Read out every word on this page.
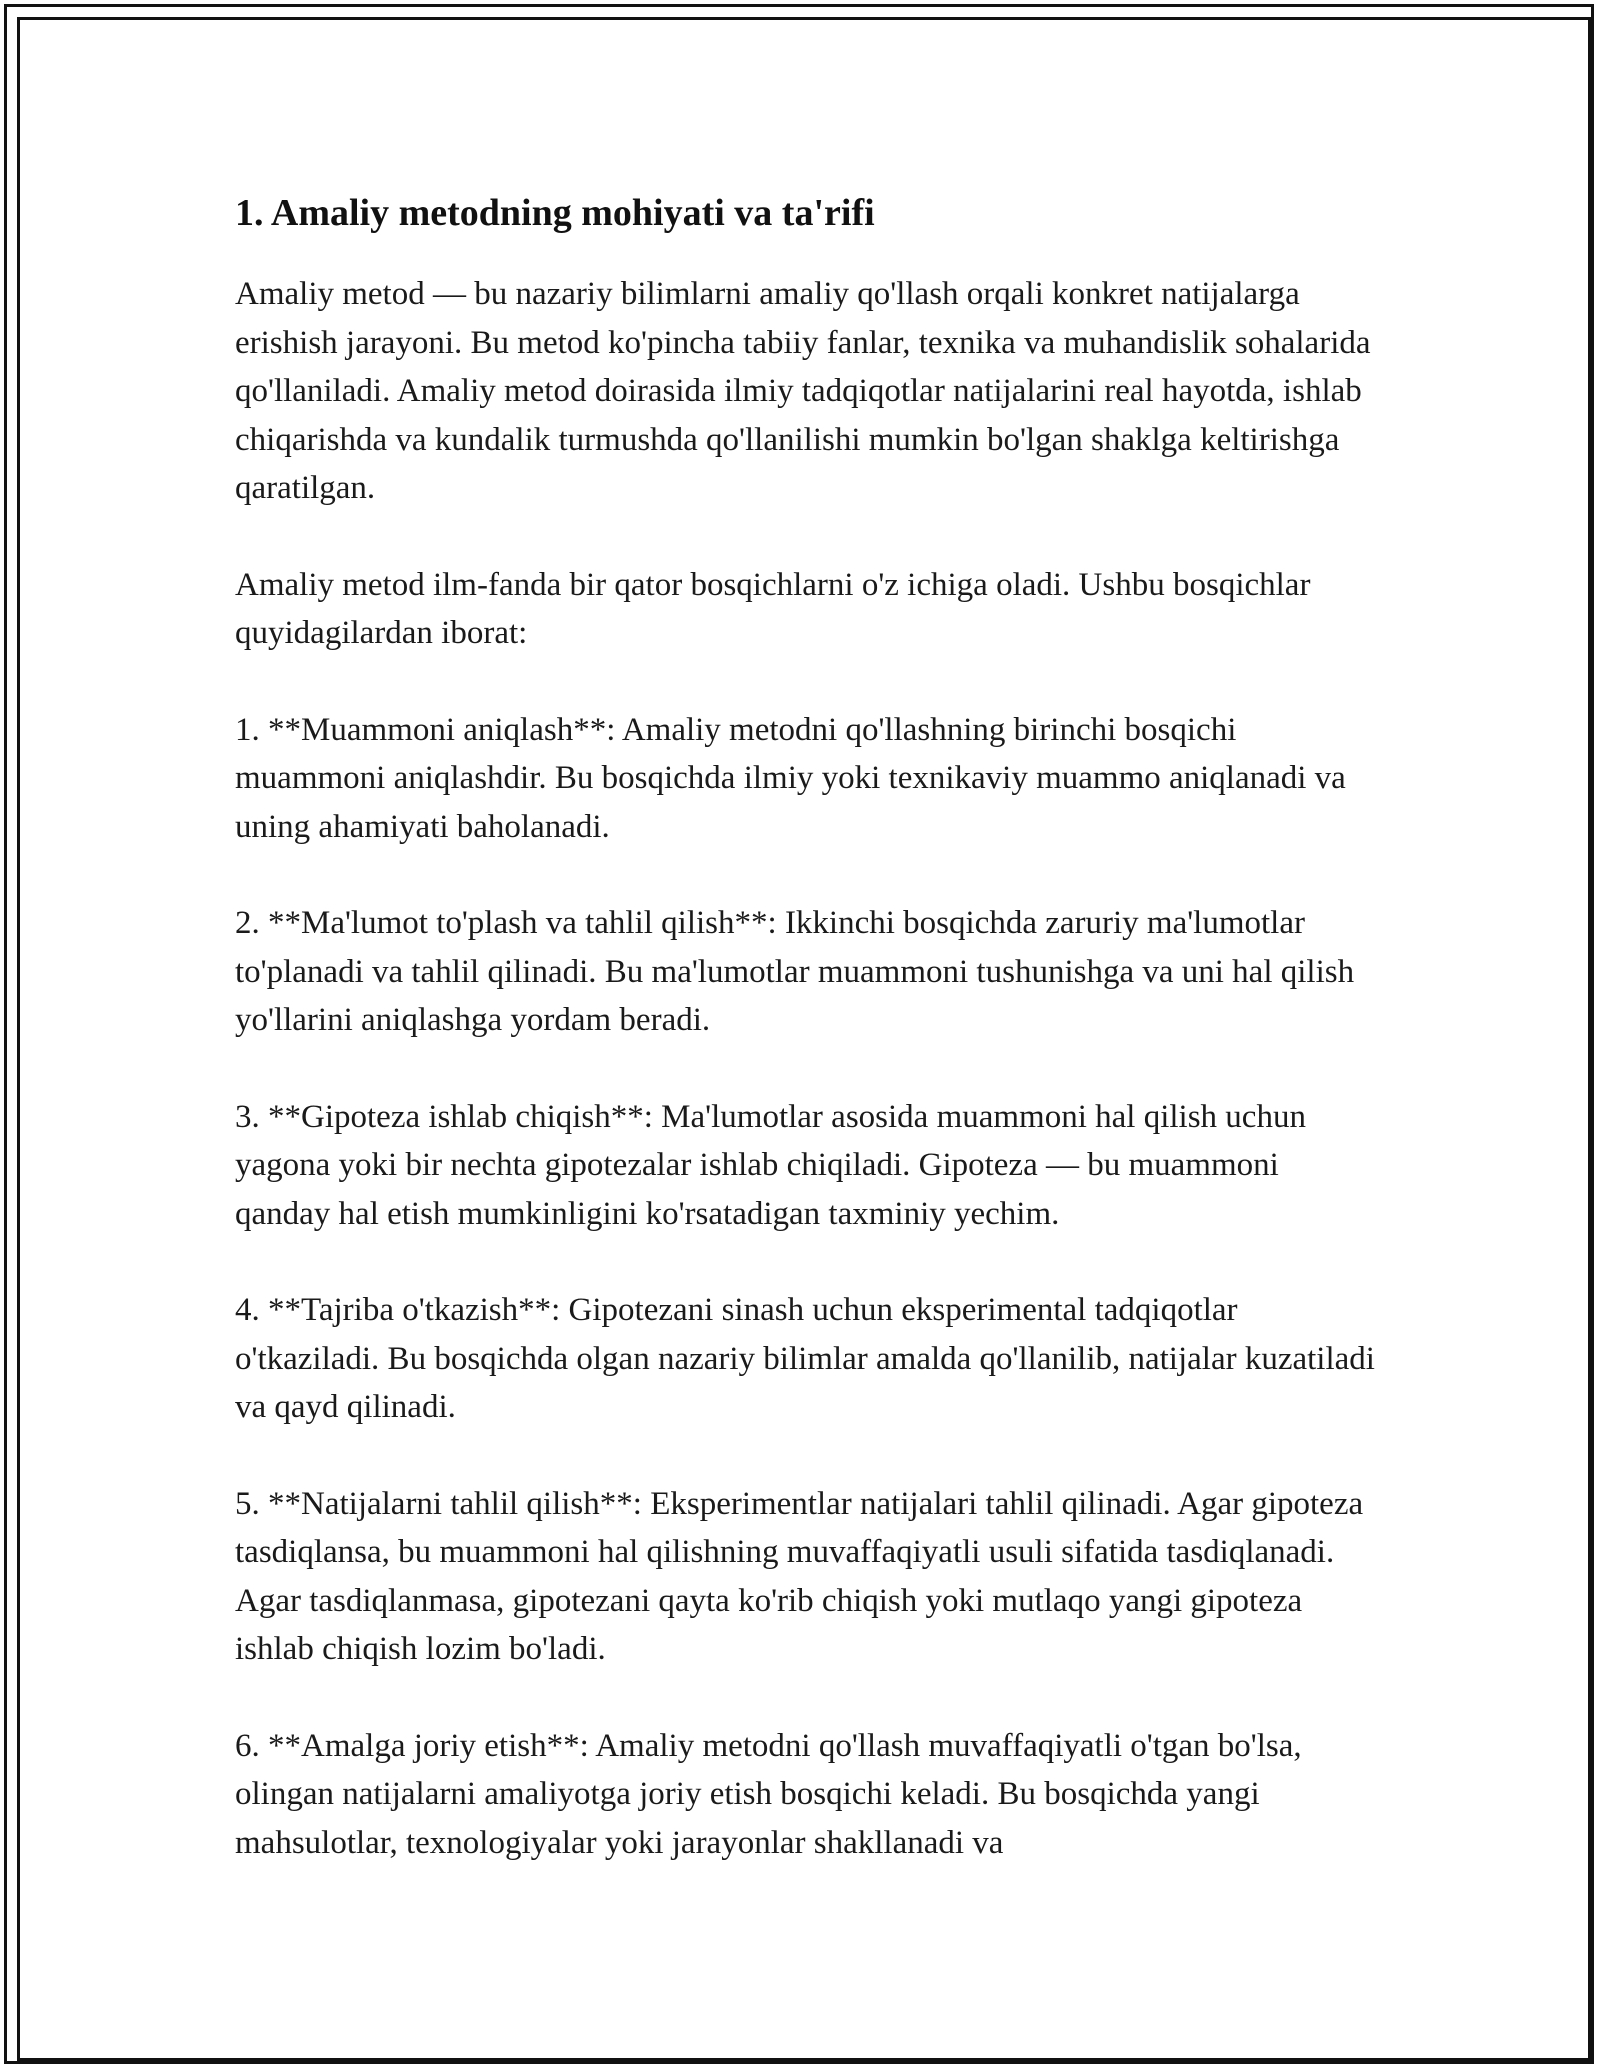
1. Amaliy metodning mohiyati va ta'rifi

Amaliy metod — bu nazariy bilimlarni amaliy qo'llash orqali konkret natijalarga erishish jarayoni. Bu metod ko'pincha tabiiy fanlar, texnika va muhandislik sohalarida qo'llaniladi. Amaliy metod doirasida ilmiy tadqiqotlar natijalarini real hayotda, ishlab chiqarishda va kundalik turmushda qo'llanilishi mumkin bo'lgan shaklga keltirishga qaratilgan.

Amaliy metod ilm-fanda bir qator bosqichlarni o'z ichiga oladi. Ushbu bosqichlar quyidagilardan iborat:

1. **Muammoni aniqlash**: Amaliy metodni qo'llashning birinchi bosqichi muammoni aniqlashdir. Bu bosqichda ilmiy yoki texnikaviy muammo aniqlanadi va uning ahamiyati baholanadi.

2. **Ma'lumot to'plash va tahlil qilish**: Ikkinchi bosqichda zaruriy ma'lumotlar to'planadi va tahlil qilinadi. Bu ma'lumotlar muammoni tushunishga va uni hal qilish yo'llarini aniqlashga yordam beradi.

3. **Gipoteza ishlab chiqish**: Ma'lumotlar asosida muammoni hal qilish uchun yagona yoki bir nechta gipotezalar ishlab chiqiladi. Gipoteza — bu muammoni qanday hal etish mumkinligini ko'rsatadigan taxminiy yechim.

4. **Tajriba o'tkazish**: Gipotezani sinash uchun eksperimental tadqiqotlar o'tkaziladi. Bu bosqichda olgan nazariy bilimlar amalda qo'llanilib, natijalar kuzatiladi va qayd qilinadi.

5. **Natijalarni tahlil qilish**: Eksperimentlar natijalari tahlil qilinadi. Agar gipoteza tasdiqlansa, bu muammoni hal qilishning muvaffaqiyatli usuli sifatida tasdiqlanadi. Agar tasdiqlanmasa, gipotezani qayta ko'rib chiqish yoki mutlaqo yangi gipoteza ishlab chiqish lozim bo'ladi.

6. **Amalga joriy etish**: Amaliy metodni qo'llash muvaffaqiyatli o'tgan bo'lsa, olingan natijalarni amaliyotga joriy etish bosqichi keladi. Bu bosqichda yangi mahsulotlar, texnologiyalar yoki jarayonlar shakllanadi va
